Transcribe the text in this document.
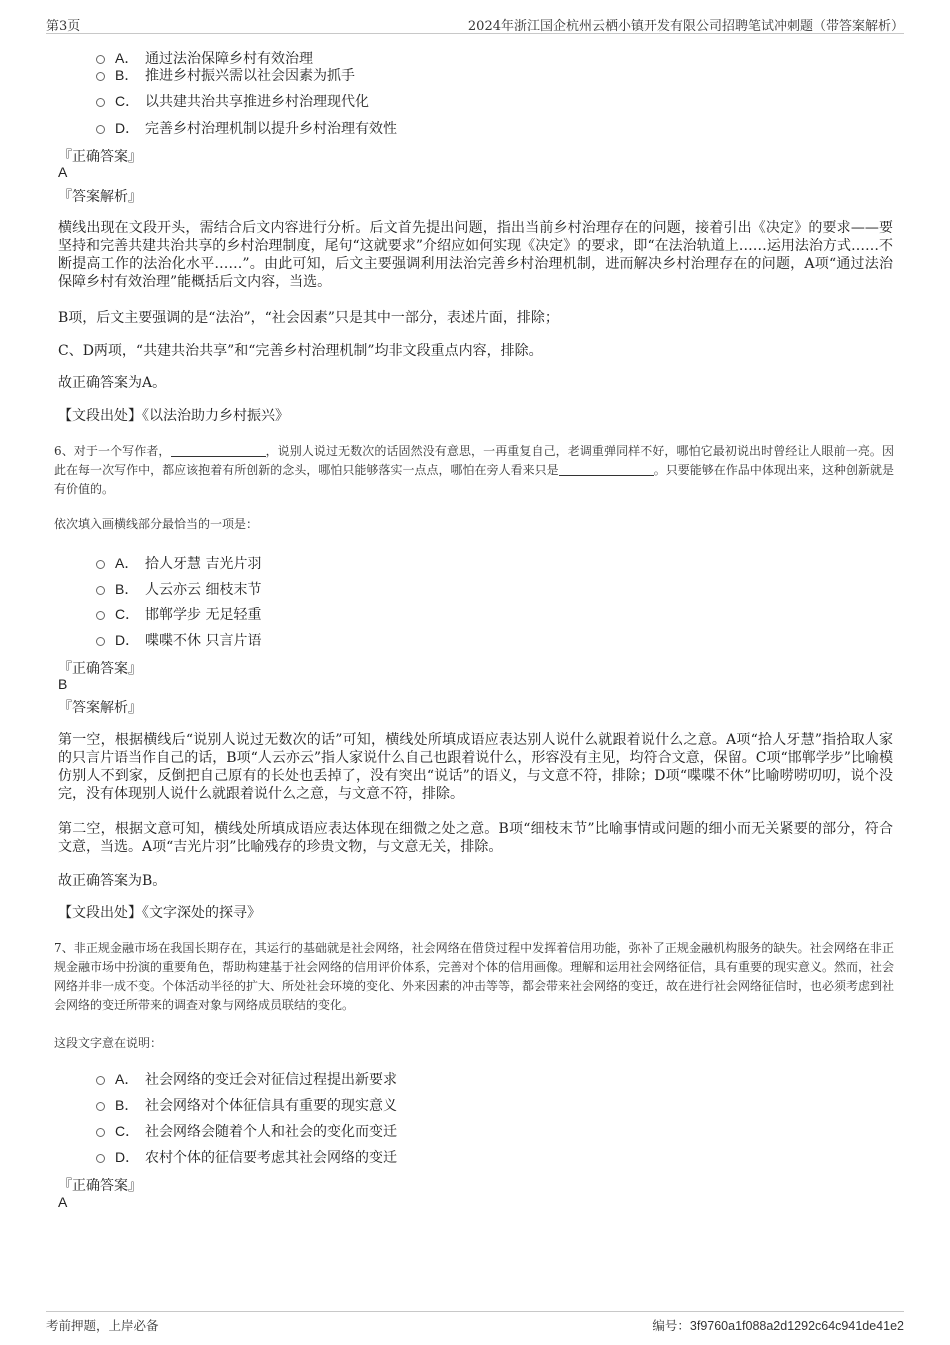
第3页	2024年浙江国企杭州云栖小镇开发有限公司招聘笔试冲刺题（带答案解析）
A． 通过法治保障乡村有效治理
B． 推进乡村振兴需以社会因素为抓手
C． 以共建共治共享推进乡村治理现代化
D． 完善乡村治理机制以提升乡村治理有效性
『正确答案』
A
『答案解析』
横线出现在文段开头，需结合后文内容进行分析。后文首先提出问题，指出当前乡村治理存在的问题，接着引出《决定》的要求——要坚持和完善共建共治共享的乡村治理制度，尾句“这就要求”介绍应如何实现《决定》的要求，即“在法治轨道上……运用法治方式……不断提高工作的法治化水平……”。由此可知，后文主要强调利用法治完善乡村治理机制，进而解决乡村治理存在的问题，A项“通过法治保障乡村有效治理”能概括后文内容，当选。
B项，后文主要强调的是“法治”，“社会因素”只是其中一部分，表述片面，排除；
C、D两项，“共建共治共享”和“完善乡村治理机制”均非文段重点内容，排除。
故正确答案为A。
【文段出处】《以法治助力乡村振兴》
6、对于一个写作者，	，说别人说过无数次的话固然没有意思，一再重复自己，老调重弹同样不好，哪怕它最初说出时曾经让人眼前一亮。因此在每一次写作中，都应该抱着有所创新的念头，哪怕只能够落实一点点，哪怕在旁人看来只是	。只要能够在作品中体现出来，这种创新就是有价值的。
依次填入画横线部分最恰当的一项是：
A． 拾人牙慧 吉光片羽
B． 人云亦云 细枝末节
C． 邯郸学步 无足轻重
D． 喋喋不休 只言片语
『正确答案』
B
『答案解析』
第一空，根据横线后“说别人说过无数次的话”可知，横线处所填成语应表达别人说什么就跟着说什么之意。A项“拾人牙慧”指拾取人家的只言片语当作自己的话，B项“人云亦云”指人家说什么自己也跟着说什么，形容没有主见，均符合文意，保留。C项“邯郸学步”比喻模仿别人不到家，反倒把自己原有的长处也丢掉了，没有突出“说话”的语义，与文意不符，排除；D项“喋喋不休”比喻唠唠叨叨，说个没完，没有体现别人说什么就跟着说什么之意，与文意不符，排除。
第二空，根据文意可知，横线处所填成语应表达体现在细微之处之意。B项“细枝末节”比喻事情或问题的细小而无关紧要的部分，符合文意，当选。A项“吉光片羽”比喻残存的珍贵文物，与文意无关，排除。
故正确答案为B。
【文段出处】《文字深处的探寻》
7、非正规金融市场在我国长期存在，其运行的基础就是社会网络，社会网络在借贷过程中发挥着信用功能，弥补了正规金融机构服务的缺失。社会网络在非正规金融市场中扮演的重要角色，帮助构建基于社会网络的信用评价体系，完善对个体的信用画像。理解和运用社会网络征信，具有重要的现实意义。然而，社会网络并非一成不变。个体活动半径的扩大、所处社会环境的变化、外来因素的冲击等等，都会带来社会网络的变迁，故在进行社会网络征信时，也必须考虑到社会网络的变迁所带来的调查对象与网络成员联结的变化。
这段文字意在说明：
A． 社会网络的变迁会对征信过程提出新要求
B． 社会网络对个体征信具有重要的现实意义
C． 社会网络会随着个人和社会的变化而变迁
D． 农村个体的征信要考虑其社会网络的变迁
『正确答案』
A
考前押题，上岸必备	编号：3f9760a1f088a2d1292c64c941de41e2
